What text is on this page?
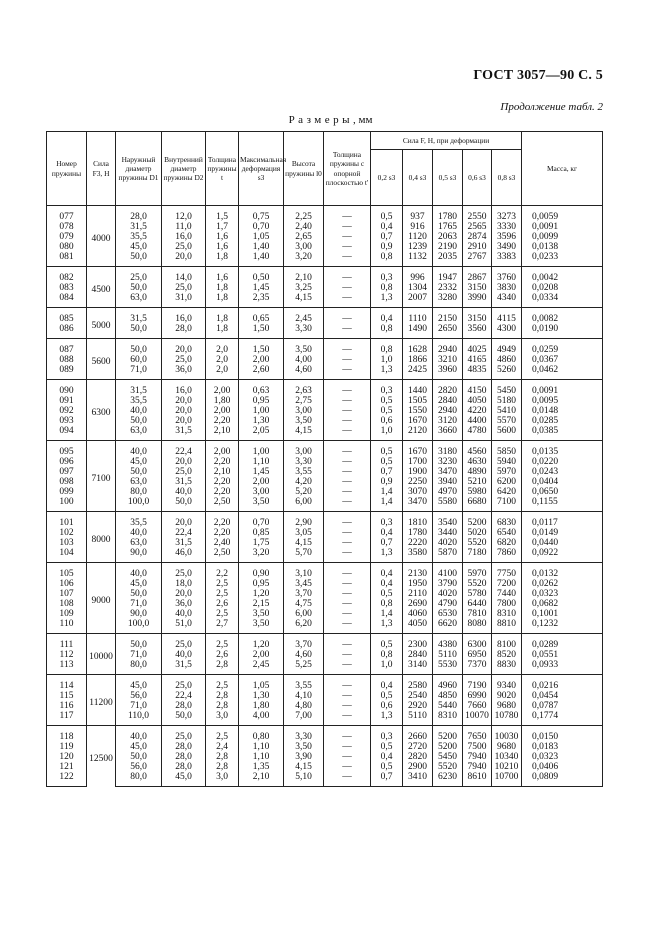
ГОСТ 3057—90 С. 5
Продолжение табл. 2
Размеры, мм
Номер пружины	Сила F3, Н	Наружный диаметр пружины D1	Внутренний диаметр пружины D2	Толщина пружины t	Максимальная деформация s3	Высота пружины l0	Толщина пружины с опорной плоскостью t'	Сила F, Н, при деформации					Масса, кг
								0,2 s3	0,4 s3	0,5 s3	0,6 s3	0,8 s3	
077	4000	28,0	12,0	1,5	0,75	2,25	—	0,5	937	1780	2550	3273	0,0059
078		31,5	11,0	1,7	0,70	2,40	—	0,4	916	1765	2565	3330	0,0091
079		35,5	16,0	1,6	1,05	2,65	—	0,7	1120	2063	2874	3596	0,0099
080		45,0	25,0	1,6	1,40	3,00	—	0,9	1239	2190	2910	3490	0,0138
081		50,0	20,0	1,8	1,40	3,20	—	0,8	1132	2035	2767	3383	0,0233
082	4500	25,0	14,0	1,6	0,50	2,10	—	0,3	996	1947	2867	3760	0,0042
083		50,0	25,0	1,8	1,45	3,25	—	0,8	1304	2332	3150	3830	0,0208
084		63,0	31,0	1,8	2,35	4,15	—	1,3	2007	3280	3990	4340	0,0334
085	5000	31,5	16,0	1,8	0,65	2,45	—	0,4	1110	2150	3150	4115	0,0082
086		50,0	28,0	1,8	1,50	3,30	—	0,8	1490	2650	3560	4300	0,0190
087	5600	50,0	20,0	2,0	1,50	3,50	—	0,8	1628	2940	4025	4949	0,0259
088		60,0	25,0	2,0	2,00	4,00	—	1,0	1866	3210	4165	4860	0,0367
089		71,0	36,0	2,0	2,60	4,60	—	1,3	2425	3960	4835	5260	0,0462
090	6300	31,5	16,0	2,00	0,63	2,63	—	0,3	1440	2820	4150	5450	0,0091
091		35,5	20,0	1,80	0,95	2,75	—	0,5	1505	2840	4050	5180	0,0095
092		40,0	20,0	2,00	1,00	3,00	—	0,5	1550	2940	4220	5410	0,0148
093		50,0	20,0	2,20	1,30	3,50	—	0,6	1670	3120	4400	5570	0,0285
094		63,0	31,5	2,10	2,05	4,15	—	1,0	2120	3660	4780	5600	0,0385
095	7100	40,0	22,4	2,00	1,00	3,00	—	0,5	1670	3180	4560	5850	0,0135
096		45,0	20,0	2,20	1,10	3,30	—	0,5	1700	3230	4630	5940	0,0220
097		50,0	25,0	2,10	1,45	3,55	—	0,7	1900	3470	4890	5970	0,0243
098		63,0	31,5	2,20	2,00	4,20	—	0,9	2250	3940	5210	6200	0,0404
099		80,0	40,0	2,20	3,00	5,20	—	1,4	3070	4970	5980	6420	0,0650
100		100,0	50,0	2,50	3,50	6,00	—	1,4	3470	5580	6680	7100	0,1155
101	8000	35,5	20,0	2,20	0,70	2,90	—	0,3	1810	3540	5200	6830	0,0117
102		40,0	22,4	2,20	0,85	3,05	—	0,4	1780	3440	5020	6540	0,0149
103		63,0	31,5	2,40	1,75	4,15	—	0,7	2220	4020	5520	6820	0,0440
104		90,0	46,0	2,50	3,20	5,70	—	1,3	3580	5870	7180	7860	0,0922
105	9000	40,0	25,0	2,2	0,90	3,10	—	0,4	2130	4100	5970	7750	0,0132
106		45,0	18,0	2,5	0,95	3,45	—	0,4	1950	3790	5520	7200	0,0262
107		50,0	20,0	2,5	1,20	3,70	—	0,5	2110	4020	5780	7440	0,0323
108		71,0	36,0	2,6	2,15	4,75	—	0,8	2690	4790	6440	7800	0,0682
109		90,0	40,0	2,5	3,50	6,00	—	1,4	4060	6530	7810	8310	0,1001
110		100,0	51,0	2,7	3,50	6,20	—	1,3	4050	6620	8080	8810	0,1232
111	10000	50,0	25,0	2,5	1,20	3,70	—	0,5	2300	4380	6300	8100	0,0289
112		71,0	40,0	2,6	2,00	4,60	—	0,8	2840	5110	6950	8520	0,0551
113		80,0	31,5	2,8	2,45	5,25	—	1,0	3140	5530	7370	8830	0,0933
114	11200	45,0	25,0	2,5	1,05	3,55	—	0,4	2580	4960	7190	9340	0,0216
115		56,0	22,4	2,8	1,30	4,10	—	0,5	2540	4850	6990	9020	0,0454
116		71,0	28,0	2,8	1,80	4,80	—	0,6	2920	5440	7660	9680	0,0787
117		110,0	50,0	3,0	4,00	7,00	—	1,3	5110	8310	10070	10780	0,1774
118	12500	40,0	25,0	2,5	0,80	3,30	—	0,3	2660	5200	7650	10030	0,0150
119		45,0	28,0	2,4	1,10	3,50	—	0,5	2720	5200	7500	9680	0,0183
120		50,0	28,0	2,8	1,10	3,90	—	0,4	2820	5450	7940	10340	0,0323
121		56,0	28,0	2,8	1,35	4,15	—	0,5	2900	5520	7940	10210	0,0406
122		80,0	45,0	3,0	2,10	5,10	—	0,7	3410	6230	8610	10700	0,0809
